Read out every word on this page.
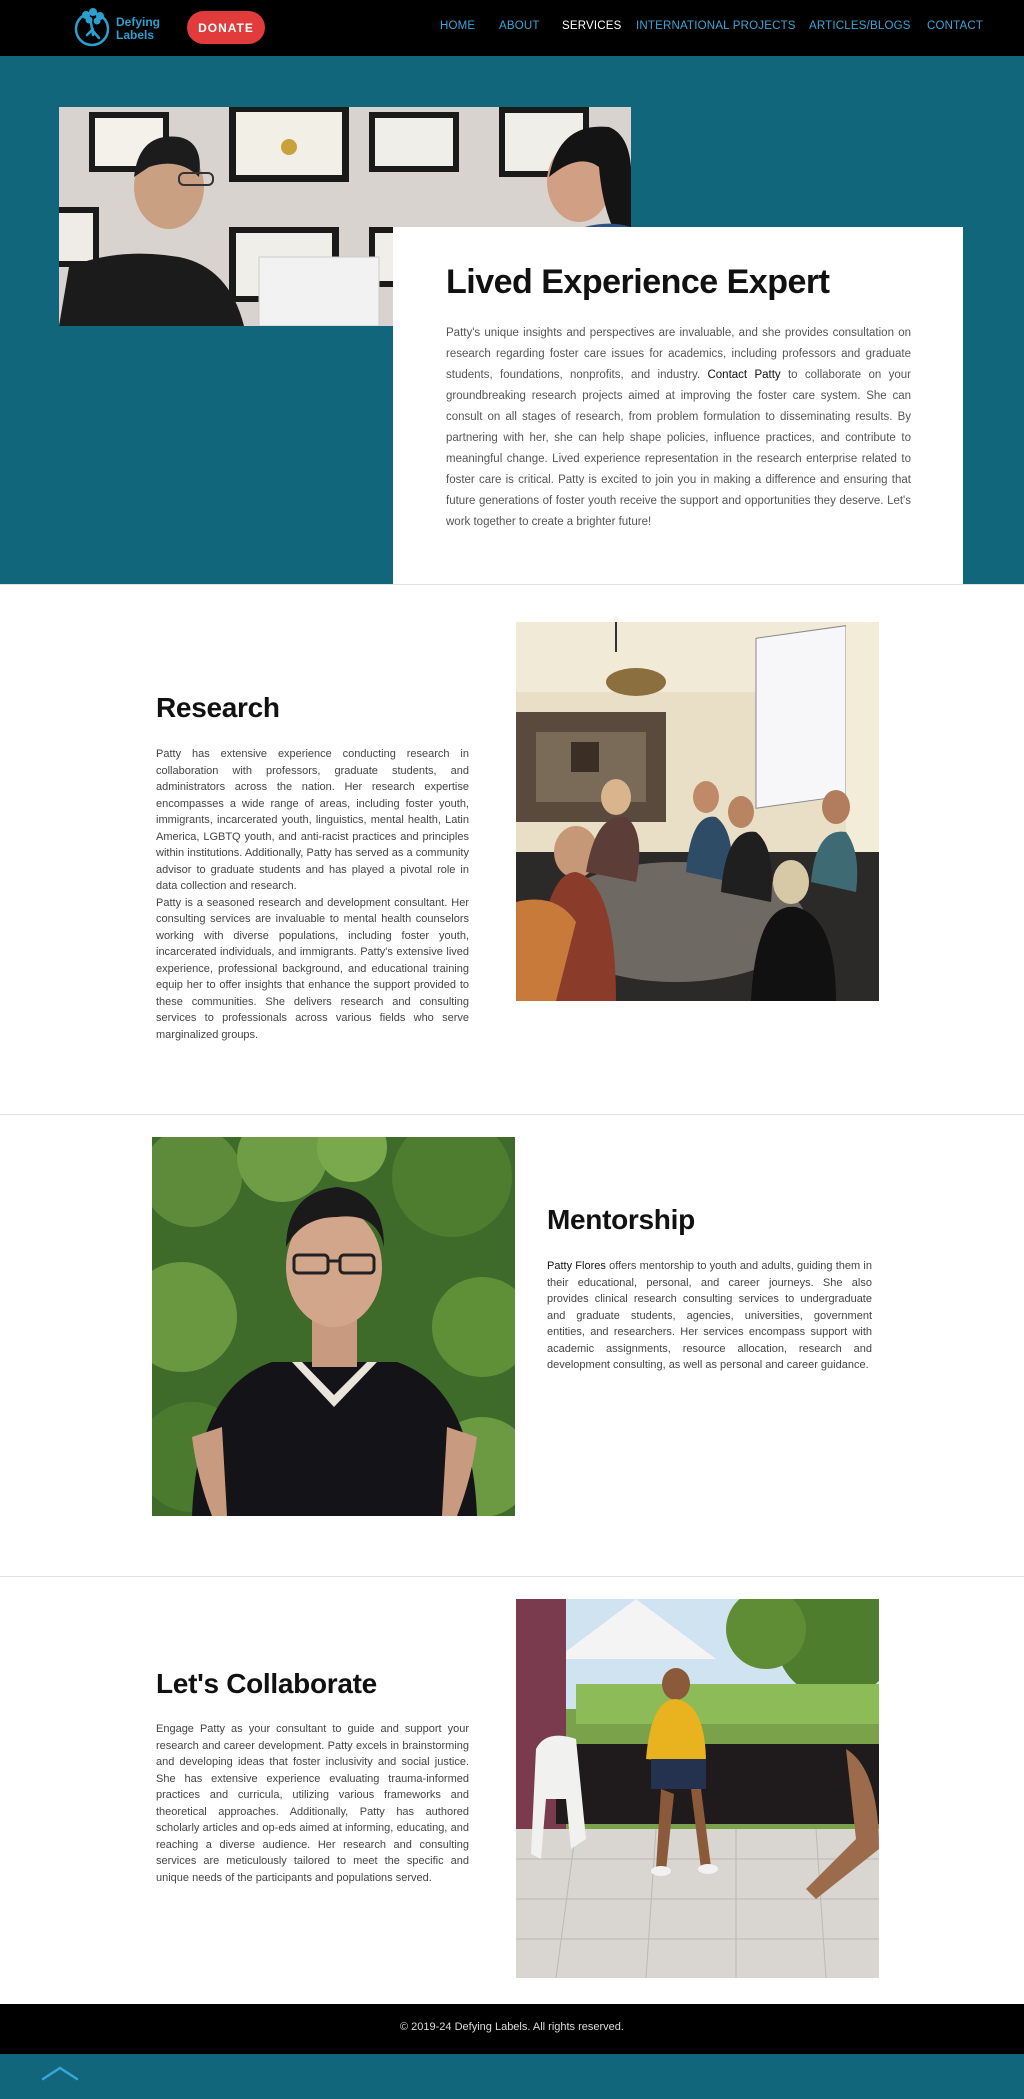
Defying
Labels
DONATE	HOME ABOUT SERVICES INTERNATIONAL PROJECTS ARTICLES/BLOGS CONTACT
Lived Experience Expert

Patty's unique insights and perspectives are invaluable, and she provides consultation on research regarding foster care issues for academics, including professors and graduate students, foundations, nonprofits, and industry. Contact Patty to collaborate on your groundbreaking research projects aimed at improving the foster care system. She can consult on all stages of research, from problem formulation to disseminating results. By partnering with her, she can help shape policies, influence practices, and contribute to meaningful change. Lived experience representation in the research enterprise related to foster care is critical. Patty is excited to join you in making a difference and ensuring that future generations of foster youth receive the support and opportunities they deserve. Let's work together to create a brighter future!

Research

Patty has extensive experience conducting research in collaboration with professors, graduate students, and administrators across the nation. Her research expertise encompasses a wide range of areas, including foster youth, immigrants, incarcerated youth, linguistics, mental health, Latin America, LGBTQ youth, and anti-racist practices and principles within institutions. Additionally, Patty has served as a community advisor to graduate students and has played a pivotal role in data collection and research.

Patty is a seasoned research and development consultant. Her consulting services are invaluable to mental health counselors working with diverse populations, including foster youth, incarcerated individuals, and immigrants. Patty's extensive lived experience, professional background, and educational training equip her to offer insights that enhance the support provided to these communities. She delivers research and consulting services to professionals across various fields who serve marginalized groups.

Mentorship

Patty Flores offers mentorship to youth and adults, guiding them in their educational, personal, and career journeys. She also provides clinical research consulting services to undergraduate and graduate students, agencies, universities, government entities, and researchers. Her services encompass support with academic assignments, resource allocation, research and development consulting, as well as personal and career guidance.

Let's Collaborate

Engage Patty as your consultant to guide and support your research and career development. Patty excels in brainstorming and developing ideas that foster inclusivity and social justice. She has extensive experience evaluating trauma-informed practices and curricula, utilizing various frameworks and theoretical approaches. Additionally, Patty has authored scholarly articles and op-eds aimed at informing, educating, and reaching a diverse audience. Her research and consulting services are meticulously tailored to meet the specific and unique needs of the participants and populations served.

© 2019-24 Defying Labels. All rights reserved.
